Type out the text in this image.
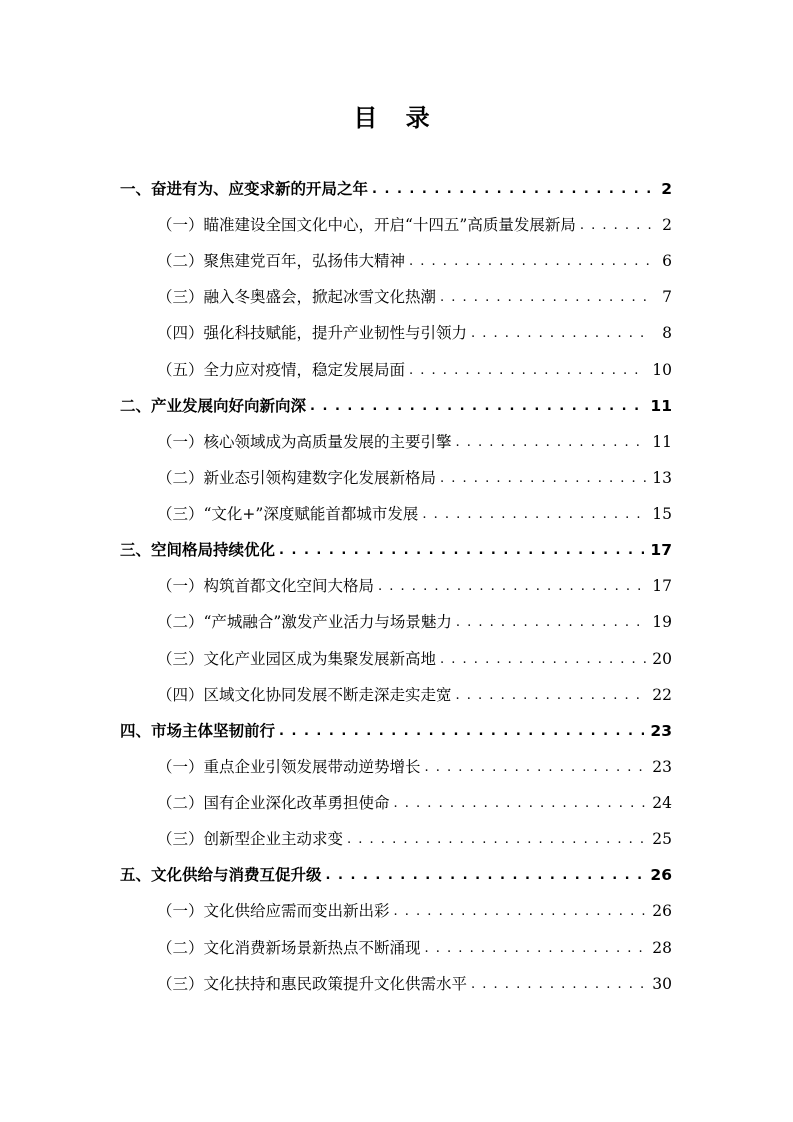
目 录
一、奋进有为、应变求新的开局之年 . . .	2
（一）瞄准建设全国文化中心，开启“十四五”高质量发展新局 . . .	2
（二）聚焦建党百年，弘扬伟大精神 . . .	6
（三）融入冬奥盛会，掀起冰雪文化热潮 . . .	7
（四）强化科技赋能，提升产业韧性与引领力 . . .	8
（五）全力应对疫情，稳定发展局面 . . .	10
二、产业发展向好向新向深 . . .	11
（一）核心领域成为高质量发展的主要引擎 . . .	11
（二）新业态引领构建数字化发展新格局 . . .	13
（三）“文化+”深度赋能首都城市发展 . . .	15
三、空间格局持续优化 . . .	17
（一）构筑首都文化空间大格局 . . .	17
（二）“产城融合”激发产业活力与场景魅力 . . .	19
（三）文化产业园区成为集聚发展新高地 . . .	20
（四）区域文化协同发展不断走深走实走宽 . . .	22
四、市场主体坚韧前行 . . .	23
（一）重点企业引领发展带动逆势增长 . . .	23
（二）国有企业深化改革勇担使命 . . .	24
（三）创新型企业主动求变 . . .	25
五、文化供给与消费互促升级 . . .	26
（一）文化供给应需而变出新出彩 . . .	26
（二）文化消费新场景新热点不断涌现 . . .	28
（三）文化扶持和惠民政策提升文化供需水平 . . .	30
